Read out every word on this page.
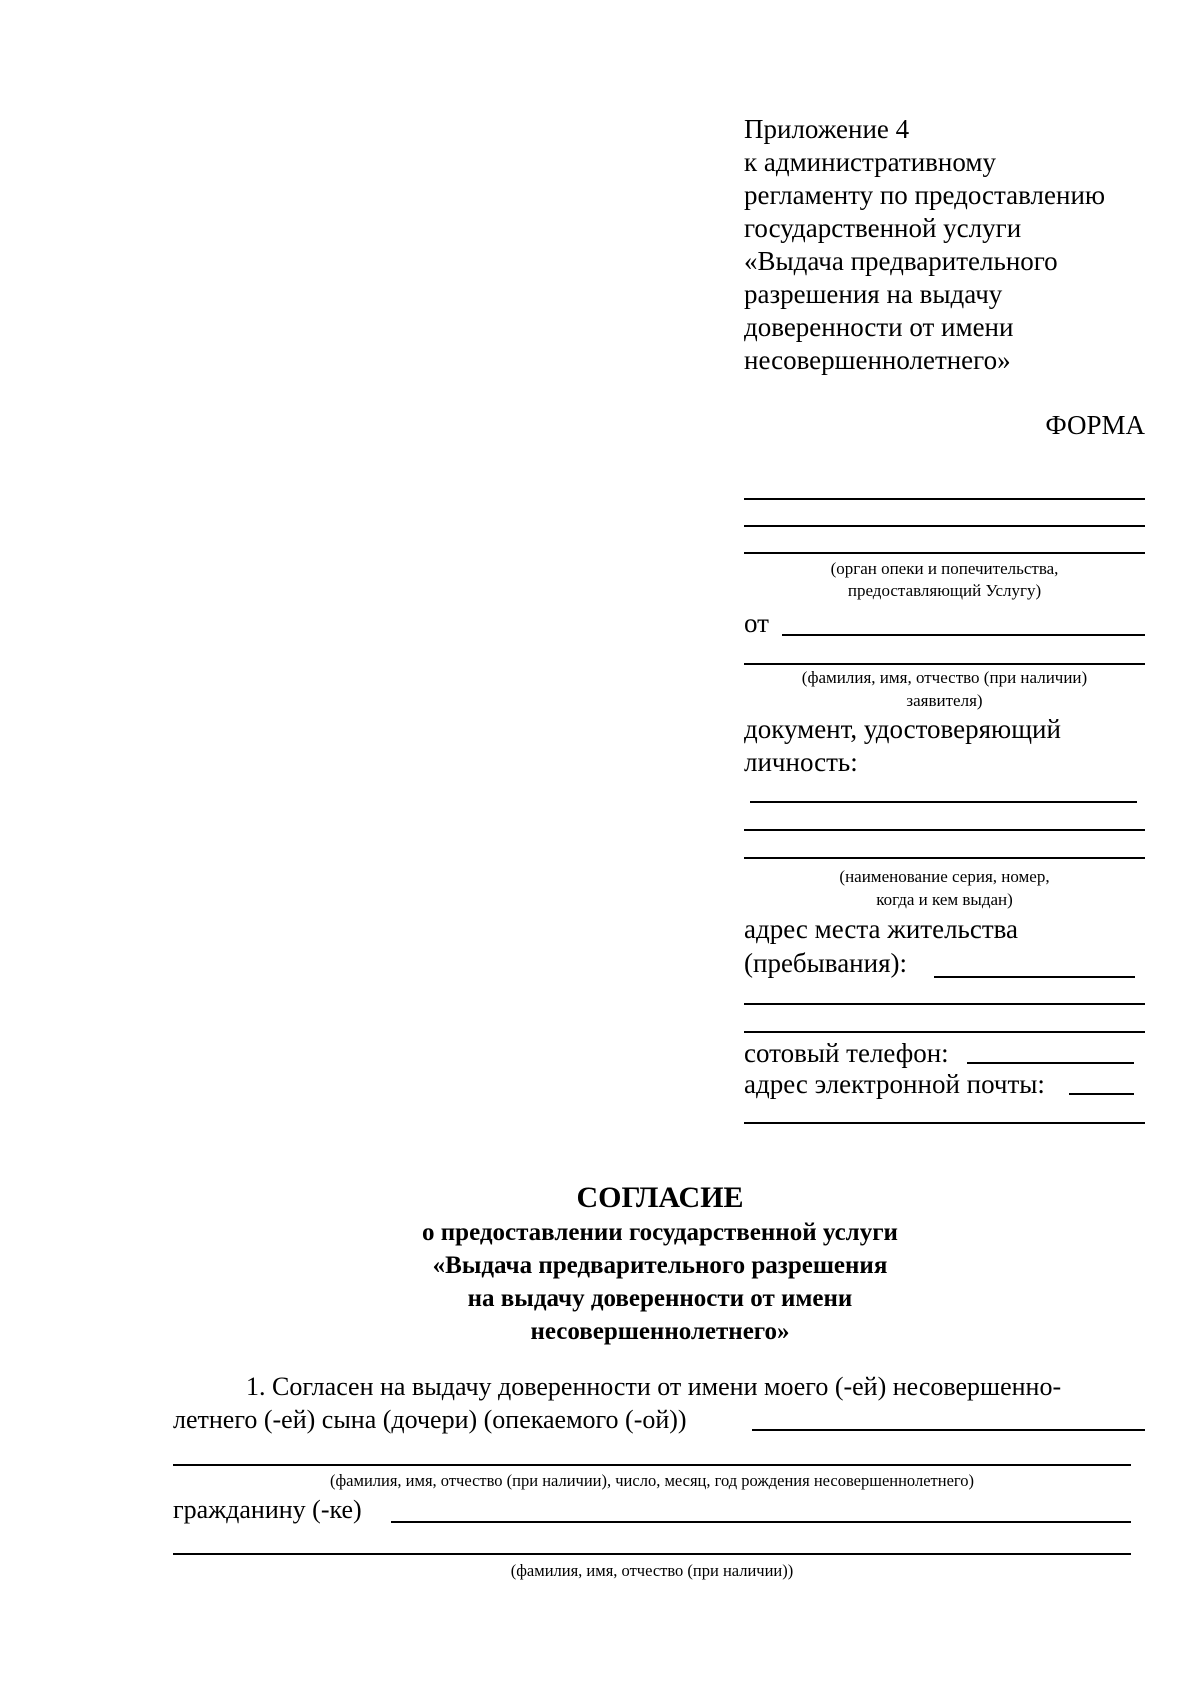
Приложение 4
к административному
регламенту по предоставлению
государственной услуги
«Выдача предварительного
разрешения на выдачу
доверенности от имени
несовершеннолетнего»
ФОРМА
(орган опеки и попечительства,
предоставляющий Услугу)
от
(фамилия, имя, отчество (при наличии)
заявителя)
документ, удостоверяющий
личность:
(наименование серия, номер,
когда и кем выдан)
адрес места жительства
(пребывания):
сотовый телефон:
адрес электронной почты:
СОГЛАСИЕ
о предоставлении государственной услуги
«Выдача предварительного разрешения
на выдачу доверенности от имени
несовершеннолетнего»
1. Согласен на выдачу доверенности от имени моего (-ей) несовершенно-
летнего (-ей) сына (дочери) (опекаемого (-ой))
(фамилия, имя, отчество (при наличии), число, месяц, год рождения несовершеннолетнего)
гражданину (-ке)
(фамилия, имя, отчество (при наличии))
